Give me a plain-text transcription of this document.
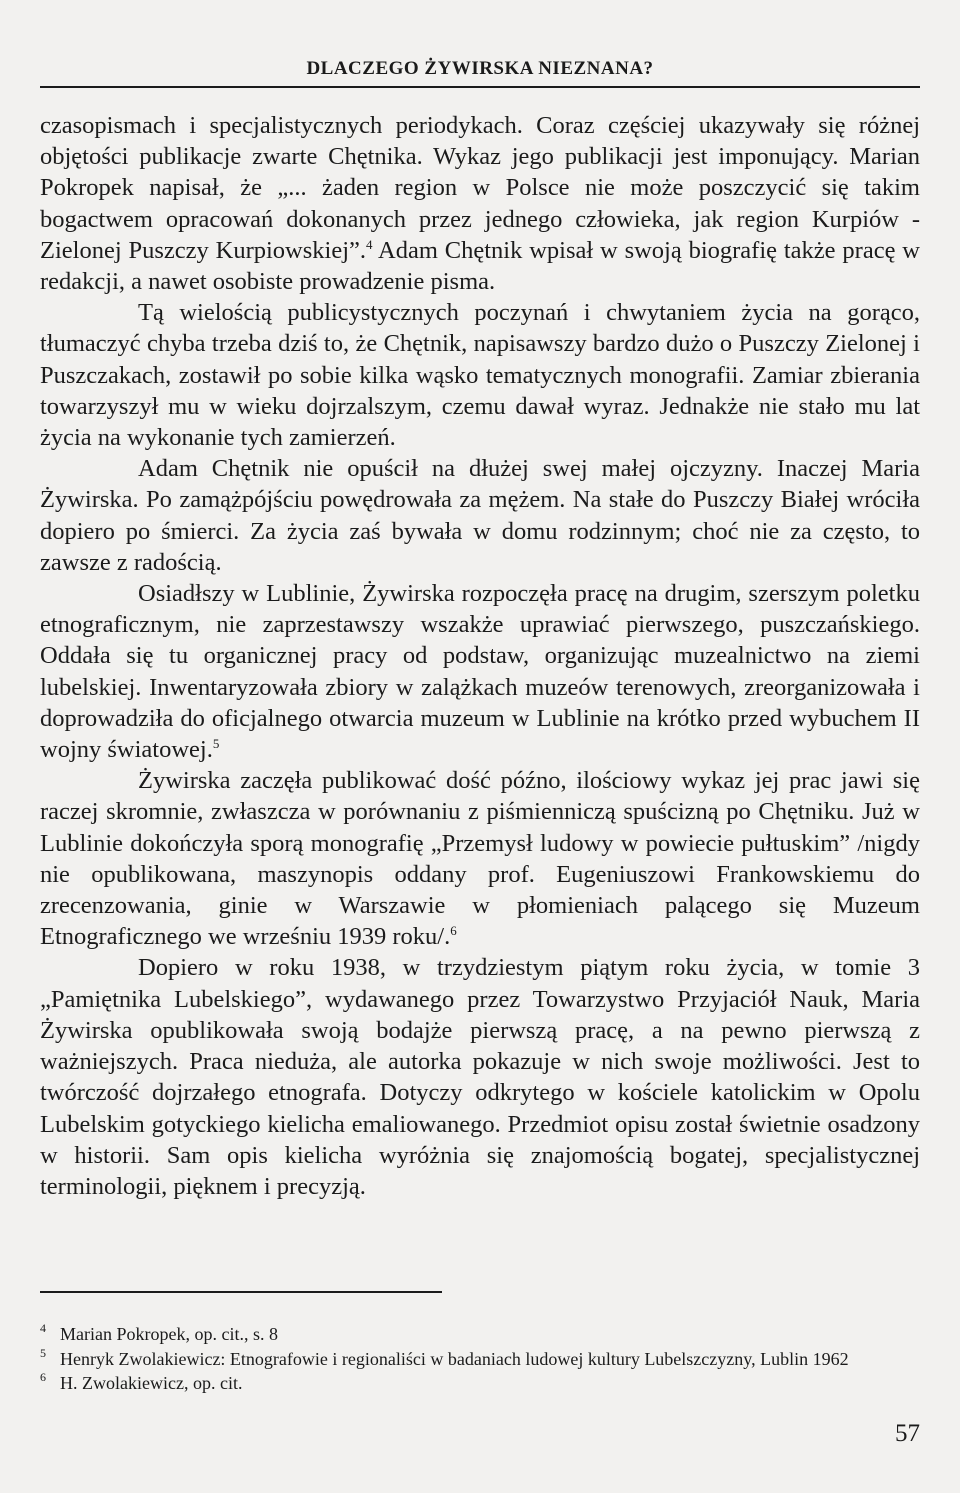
DLACZEGO ŻYWIRSKA NIEZNANA?

czasopismach i specjalistycznych periodykach. Coraz częściej ukazywały się różnej objętości publikacje zwarte Chętnika. Wykaz jego publikacji jest imponujący. Marian Pokropek napisał, że „... żaden region w Polsce nie może poszczycić się takim bogactwem opracowań dokonanych przez jednego człowieka, jak region Kurpiów - Zielonej Puszczy Kurpiowskiej”.$^4$ Adam Chętnik wpisał w swoją biografię także pracę w redakcji, a nawet osobiste prowadzenie pisma.

Tą wielością publicystycznych poczynań i chwytaniem życia na gorąco, tłumaczyć chyba trzeba dziś to, że Chętnik, napisawszy bardzo dużo o Puszczy Zielonej i Puszczakach, zostawił po sobie kilka wąsko tematycznych monografii. Zamiar zbierania towarzyszył mu w wieku dojrzalszym, czemu dawał wyraz. Jednakże nie stało mu lat życia na wykonanie tych zamierzeń.

Adam Chętnik nie opuścił na dłużej swej małej ojczyzny. Inaczej Maria Żywirska. Po zamążpójściu powędrowała za mężem. Na stałe do Puszczy Białej wróciła dopiero po śmierci. Za życia zaś bywała w domu rodzinnym; choć nie za często, to zawsze z radością.

Osiadłszy w Lublinie, Żywirska rozpoczęła pracę na drugim, szerszym poletku etnograficznym, nie zaprzestawszy wszakże uprawiać pierwszego, puszczańskiego. Oddała się tu organicznej pracy od podstaw, organizując muzealnictwo na ziemi lubelskiej. Inwentaryzowała zbiory w zalążkach muzeów terenowych, zreorganizowała i doprowadziła do oficjalnego otwarcia muzeum w Lublinie na krótko przed wybuchem II wojny światowej.$^5$

Żywirska zaczęła publikować dość późno, ilościowy wykaz jej prac jawi się raczej skromnie, zwłaszcza w porównaniu z piśmienniczą spuścizną po Chętniku. Już w Lublinie dokończyła sporą monografię „Przemysł ludowy w powiecie pułtuskim” /nigdy nie opublikowana, maszynopis oddany prof. Eugeniuszowi Frankowskiemu do zrecenzowania, ginie w Warszawie w płomieniach palącego się Muzeum Etnograficznego we wrześniu 1939 roku/.$^6$

Dopiero w roku 1938, w trzydziestym piątym roku życia, w tomie 3 „Pamiętnika Lubelskiego”, wydawanego przez Towarzystwo Przyjaciół Nauk, Maria Żywirska opublikowała swoją bodajże pierwszą pracę, a na pewno pierwszą z ważniejszych. Praca nieduża, ale autorka pokazuje w nich swoje możliwości. Jest to twórczość dojrzałego etnografa. Dotyczy odkrytego w kościele katolickim w Opolu Lubelskim gotyckiego kielicha emaliowanego. Przedmiot opisu został świetnie osadzony w historii. Sam opis kielicha wyróżnia się znajomością bogatej, specjalistycznej terminologii, pięknem i precyzją.

4 Marian Pokropek, op. cit., s. 8
5 Henryk Zwolakiewicz: Etnografowie i regionaliści w badaniach ludowej kultury Lubelszczyzny, Lublin 1962
6 H. Zwolakiewicz, op. cit.
57
